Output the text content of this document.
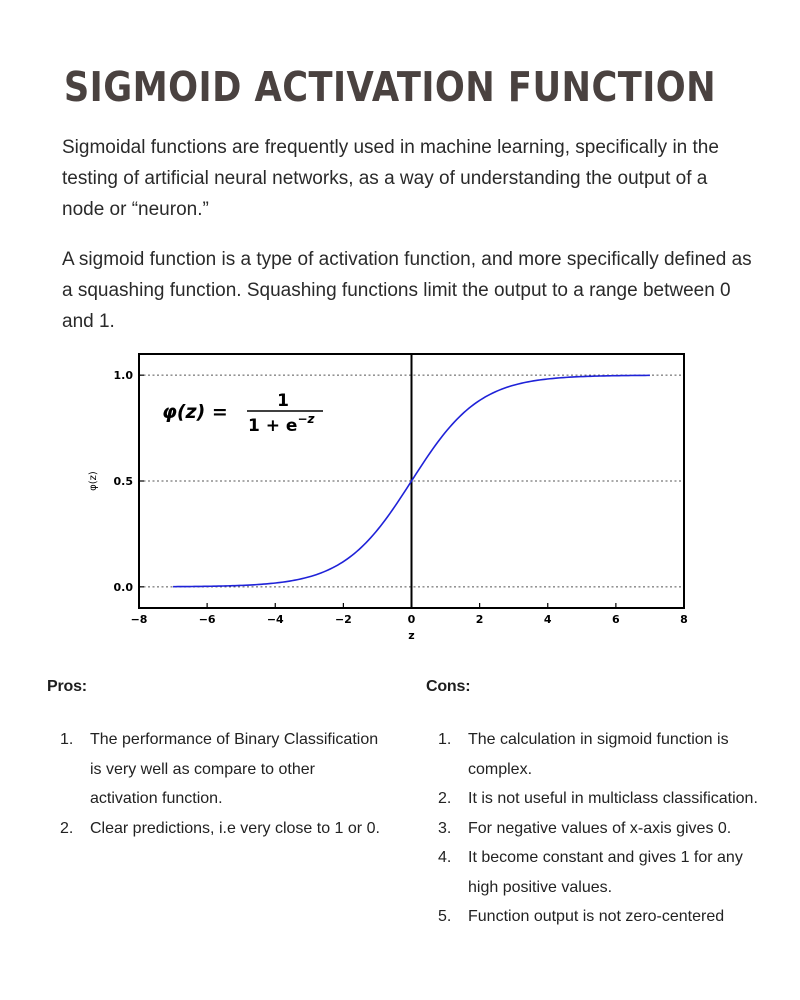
SIGMOID ACTIVATION FUNCTION

Sigmoidal functions are frequently used in machine learning, specifically in the testing of artificial neural networks, as a way of understanding the output of a node or “neuron.”

A sigmoid function is a type of activation function, and more specifically defined as a squashing function. Squashing functions limit the output to a range between 0 and 1.

−8	−6	−4	−2	0	2	4	6	8
0.0
0.5
1.0
φ(z) =	1
$1 + e^{-z}$
z
φ(z)
Pros:	Cons:
1. The performance of Binary Classification is very well as compare to other activation function.
2. Clear predictions, i.e very close to 1 or 0.
1. The calculation in sigmoid function is complex.
2. It is not useful in multiclass classification.
3. For negative values of x-axis gives 0.
4. It become constant and gives 1 for any high positive values.
5. Function output is not zero-centered
